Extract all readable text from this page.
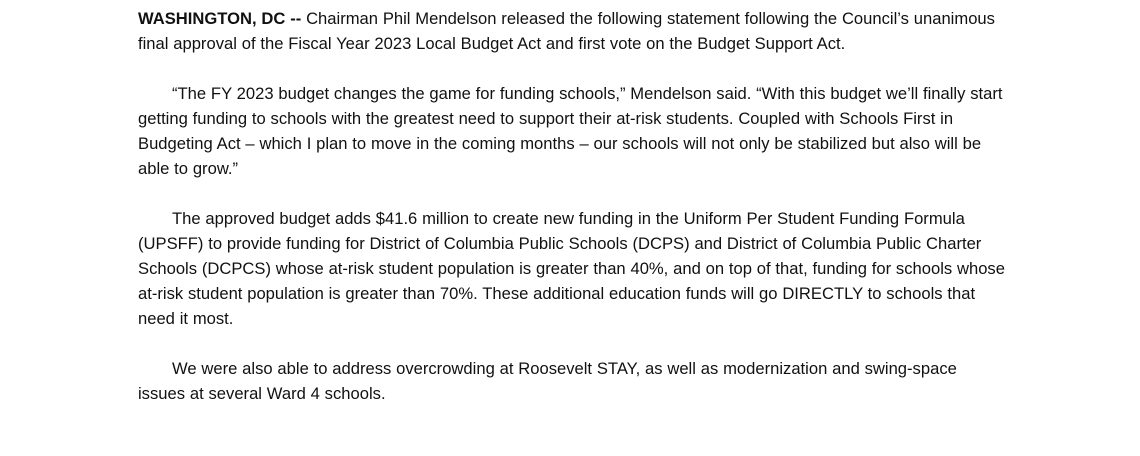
WASHINGTON, DC -- Chairman Phil Mendelson released the following statement following the Council’s unanimous final approval of the Fiscal Year 2023 Local Budget Act and first vote on the Budget Support Act.

“The FY 2023 budget changes the game for funding schools,” Mendelson said. “With this budget we’ll finally start getting funding to schools with the greatest need to support their at-risk students. Coupled with Schools First in Budgeting Act – which I plan to move in the coming months – our schools will not only be stabilized but also will be able to grow.”

The approved budget adds $41.6 million to create new funding in the Uniform Per Student Funding Formula (UPSFF) to provide funding for District of Columbia Public Schools (DCPS) and District of Columbia Public Charter Schools (DCPCS) whose at-risk student population is greater than 40%, and on top of that, funding for schools whose at-risk student population is greater than 70%. These additional education funds will go DIRECTLY to schools that need it most.

We were also able to address overcrowding at Roosevelt STAY, as well as modernization and swing-space issues at several Ward 4 schools.
